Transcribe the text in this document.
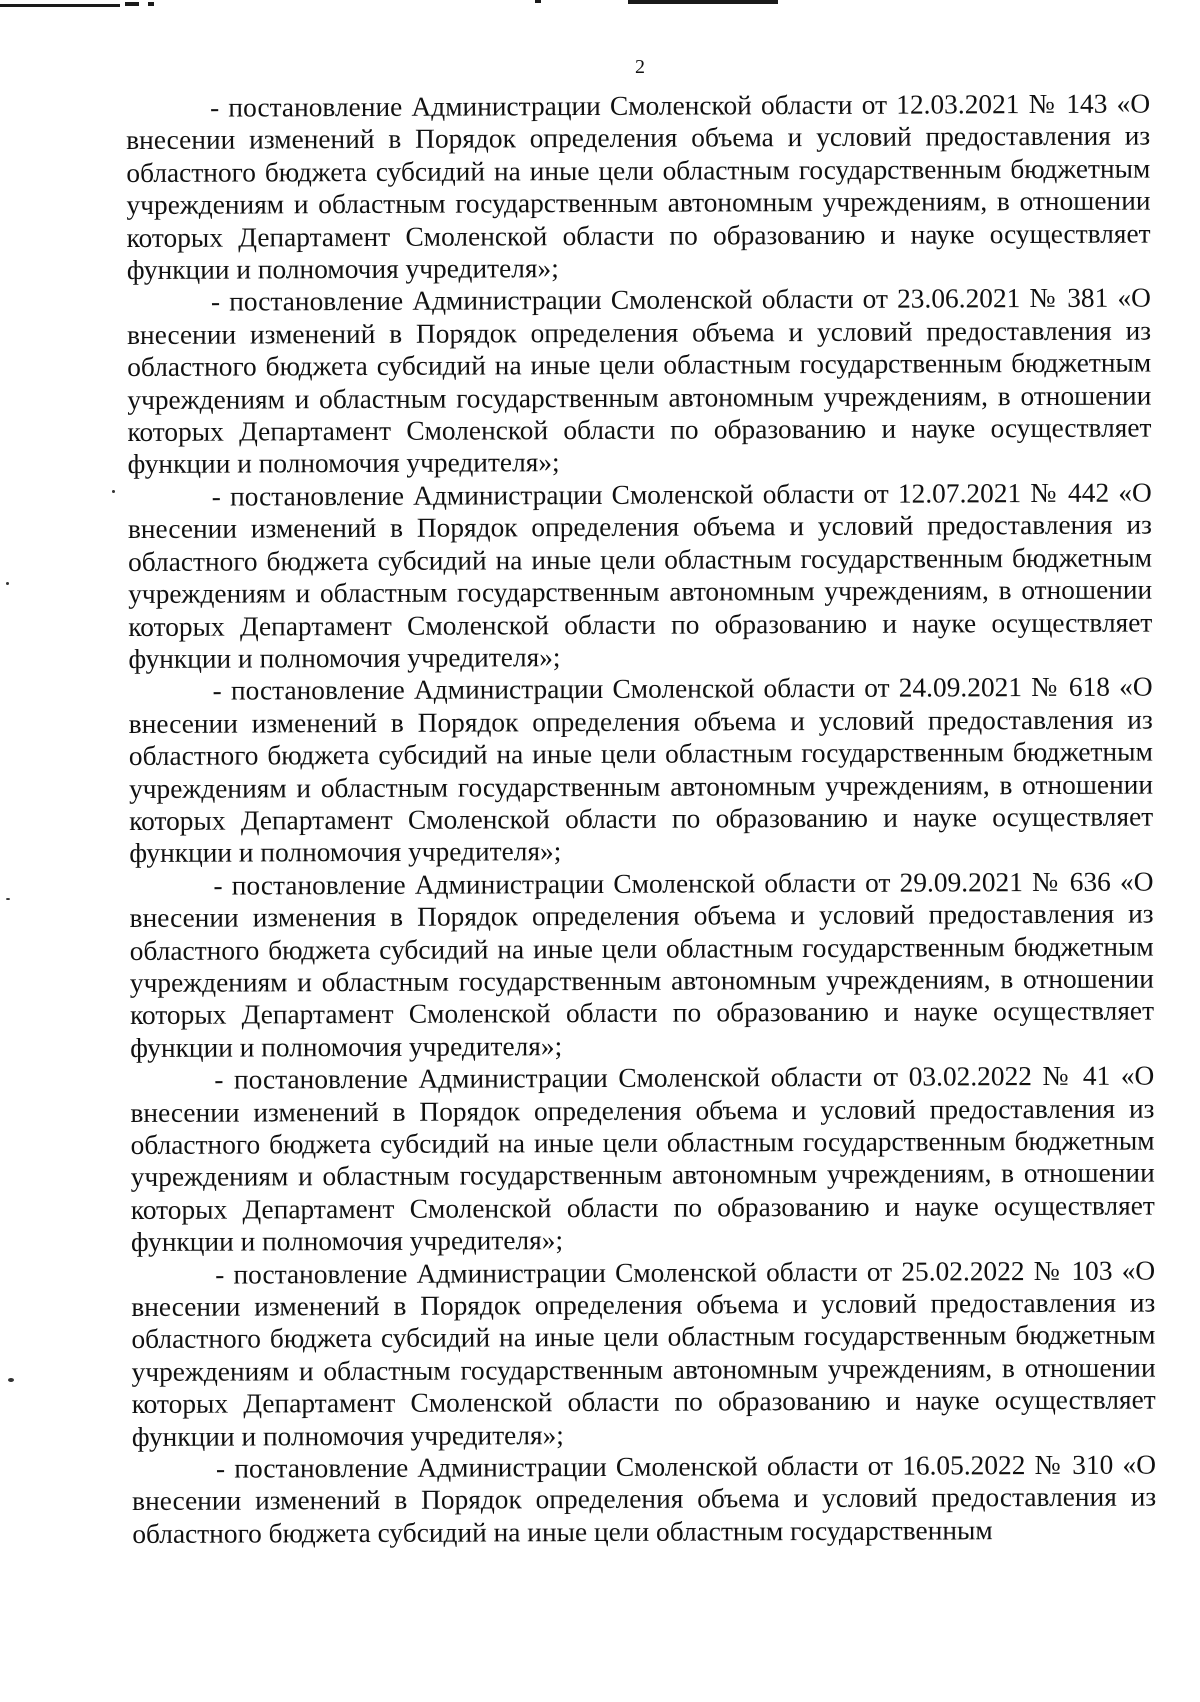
2

- постановление Администрации Смоленской области от 12.03.2021 № 143 «О внесении изменений в Порядок определения объема и условий предоставления из областного бюджета субсидий на иные цели областным государственным бюджетным учреждениям и областным государственным автономным учреждениям, в отношении которых Департамент Смоленской области по образованию и науке осуществляет функции и полномочия учредителя»;

- постановление Администрации Смоленской области от 23.06.2021 № 381 «О внесении изменений в Порядок определения объема и условий предоставления из областного бюджета субсидий на иные цели областным государственным бюджетным учреждениям и областным государственным автономным учреждениям, в отношении которых Департамент Смоленской области по образованию и науке осуществляет функции и полномочия учредителя»;

- постановление Администрации Смоленской области от 12.07.2021 № 442 «О внесении изменений в Порядок определения объема и условий предоставления из областного бюджета субсидий на иные цели областным государственным бюджетным учреждениям и областным государственным автономным учреждениям, в отношении которых Департамент Смоленской области по образованию и науке осуществляет функции и полномочия учредителя»;

- постановление Администрации Смоленской области от 24.09.2021 № 618 «О внесении изменений в Порядок определения объема и условий предоставления из областного бюджета субсидий на иные цели областным государственным бюджетным учреждениям и областным государственным автономным учреждениям, в отношении которых Департамент Смоленской области по образованию и науке осуществляет функции и полномочия учредителя»;

- постановление Администрации Смоленской области от 29.09.2021 № 636 «О внесении изменения в Порядок определения объема и условий предоставления из областного бюджета субсидий на иные цели областным государственным бюджетным учреждениям и областным государственным автономным учреждениям, в отношении которых Департамент Смоленской области по образованию и науке осуществляет функции и полномочия учредителя»;

- постановление Администрации Смоленской области от 03.02.2022 № 41 «О внесении изменений в Порядок определения объема и условий предоставления из областного бюджета субсидий на иные цели областным государственным бюджетным учреждениям и областным государственным автономным учреждениям, в отношении которых Департамент Смоленской области по образованию и науке осуществляет функции и полномочия учредителя»;

- постановление Администрации Смоленской области от 25.02.2022 № 103 «О внесении изменений в Порядок определения объема и условий предоставления из областного бюджета субсидий на иные цели областным государственным бюджетным учреждениям и областным государственным автономным учреждениям, в отношении которых Департамент Смоленской области по образованию и науке осуществляет функции и полномочия учредителя»;

- постановление Администрации Смоленской области от 16.05.2022 № 310 «О внесении изменений в Порядок определения объема и условий предоставления из областного бюджета субсидий на иные цели областным государственным
